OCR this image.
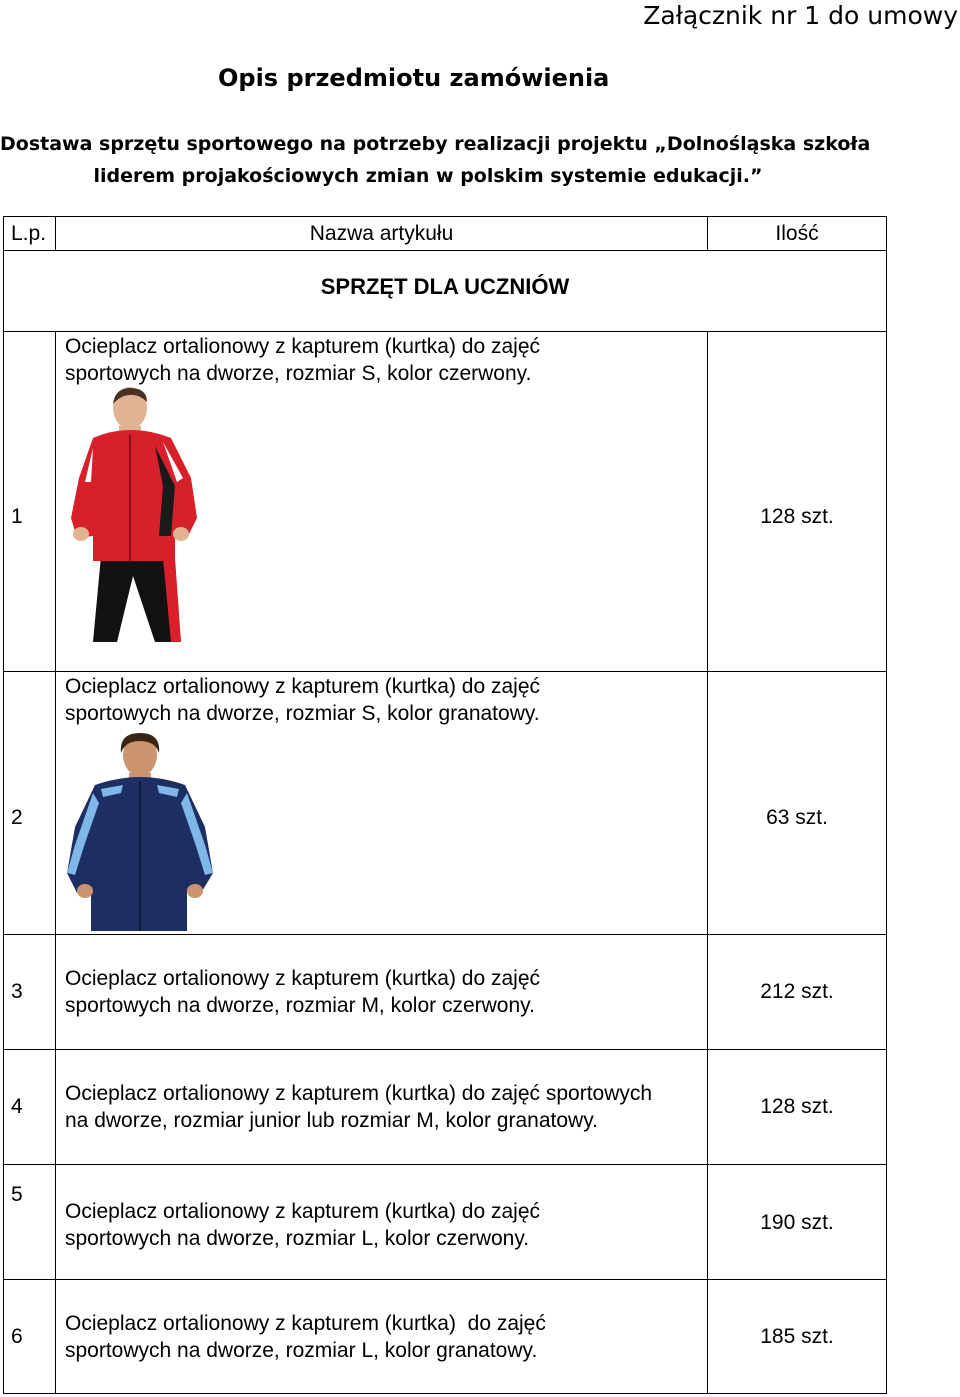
Załącznik nr 1 do umowy
Opis przedmiotu zamówienia
Dostawa sprzętu sportowego na potrzeby realizacji projektu „Dolnośląska szkoła
liderem projakościowych zmian w polskim systemie edukacji.”
L.p.	Nazwa artykułu	Ilość
SPRZĘT DLA UCZNIÓW
1
Ocieplacz ortalionowy z kapturem (kurtka) do zajęć sportowych na dworze, rozmiar S, kolor czerwony.
128 szt.
2
Ocieplacz ortalionowy z kapturem (kurtka) do zajęć sportowych na dworze, rozmiar S, kolor granatowy.
63 szt.
3
Ocieplacz ortalionowy z kapturem (kurtka) do zajęć sportowych na dworze, rozmiar M, kolor czerwony.
212 szt.
4
Ocieplacz ortalionowy z kapturem (kurtka) do zajęć sportowych na dworze, rozmiar junior lub rozmiar M, kolor granatowy.
128 szt.
5
Ocieplacz ortalionowy z kapturem (kurtka) do zajęć sportowych na dworze, rozmiar L, kolor czerwony.
190 szt.
6
Ocieplacz ortalionowy z kapturem (kurtka)  do zajęć sportowych na dworze, rozmiar L, kolor granatowy.
185 szt.
